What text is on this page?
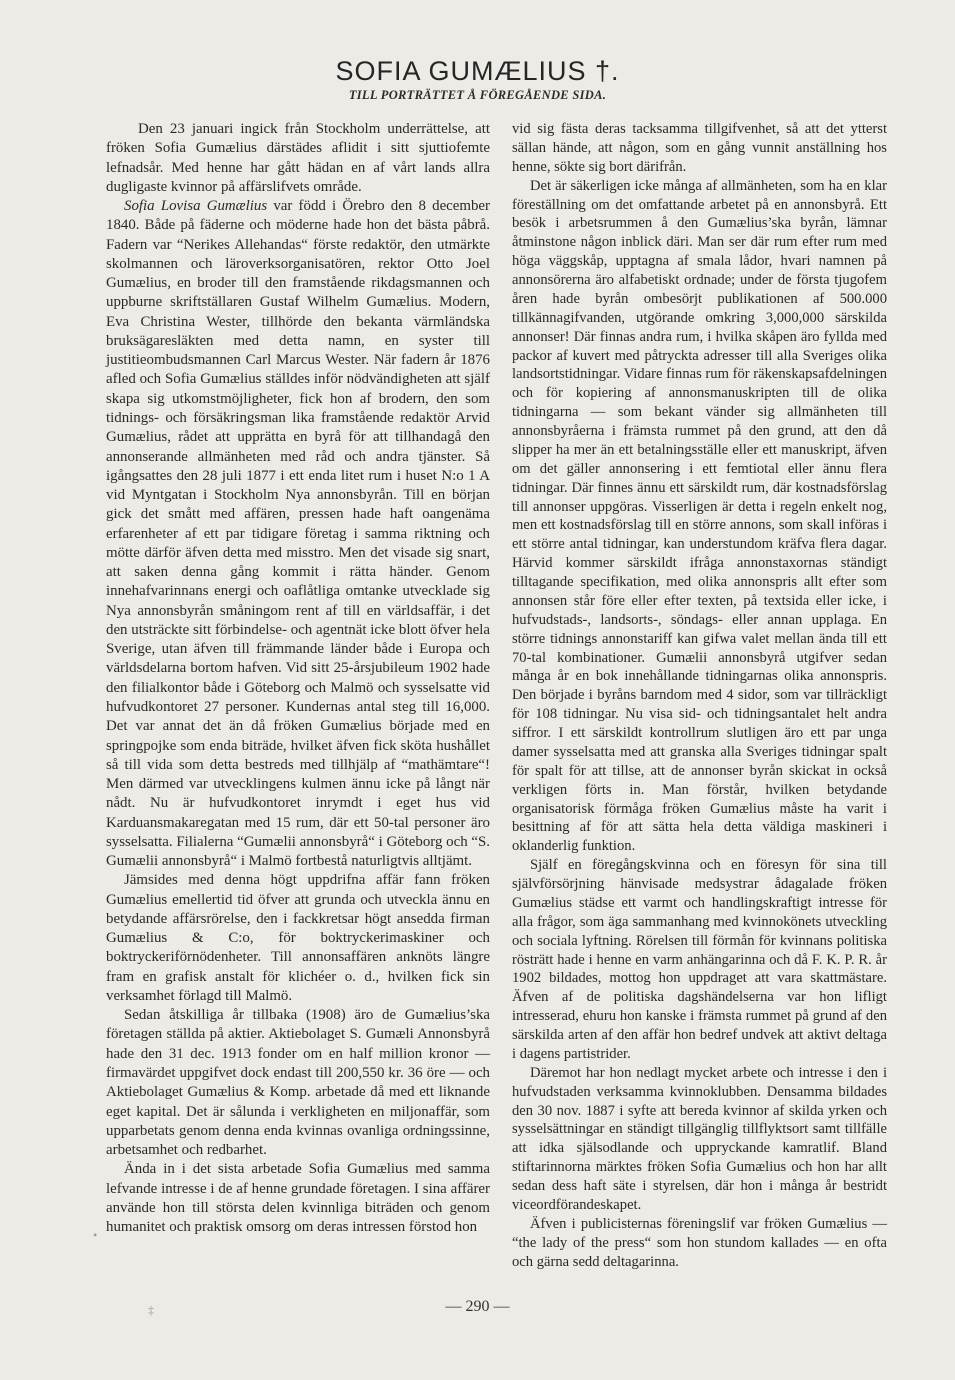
SOFIA GUMÆLIUS †.
TILL PORTRÄTTET Å FÖREGÅENDE SIDA.

Den 23 januari ingick från Stockholm underrättelse, att fröken Sofia Gumælius därstädes aflidit i sitt sjuttiofemte lefnadsår. Med henne har gått hädan en af vårt lands allra dugligaste kvinnor på affärslifvets område.

Sofia Lovisa Gumælius var född i Örebro den 8 december 1840. Både på fäderne och möderne hade hon det bästa påbrå. Fadern var “Nerikes Allehandas“ förste redaktör, den utmärkte skolmannen och läroverksorganisatören, rektor Otto Joel Gumælius, en broder till den framstående rikdagsmannen och uppburne skriftställaren Gustaf Wilhelm Gumælius. Modern, Eva Christina Wester, tillhörde den bekanta värmländska bruksägaresläkten med detta namn, en syster till justitieombudsmannen Carl Marcus Wester. När fadern år 1876 afled och Sofia Gumælius ställdes inför nödvändigheten att själf skapa sig utkomstmöjligheter, fick hon af brodern, den som tidnings- och försäkringsman lika framstående redaktör Arvid Gumælius, rådet att upprätta en byrå för att tillhandagå den annonserande allmänheten med råd och andra tjänster. Så igångsattes den 28 juli 1877 i ett enda litet rum i huset N:o 1 A vid Myntgatan i Stockholm Nya annonsbyrån. Till en början gick det smått med affären, pressen hade haft oangenäma erfarenheter af ett par tidigare företag i samma riktning och mötte därför äfven detta med misstro. Men det visade sig snart, att saken denna gång kommit i rätta händer. Genom innehafvarinnans energi och oaflåtliga omtanke utvecklade sig Nya annonsbyrån småningom rent af till en världsaffär, i det den utsträckte sitt förbindelse- och agentnät icke blott öfver hela Sverige, utan äfven till främmande länder både i Europa och världsdelarna bortom hafven. Vid sitt 25-årsjubileum 1902 hade den filialkontor både i Göteborg och Malmö och sysselsatte vid hufvudkontoret 27 personer. Kundernas antal steg till 16,000. Det var annat det än då fröken Gumælius började med en springpojke som enda biträde, hvilket äfven fick sköta hushållet så till vida som detta bestreds med tillhjälp af “mathämtare“! Men därmed var utvecklingens kulmen ännu icke på långt när nådt. Nu är hufvudkontoret inrymdt i eget hus vid Karduansmakaregatan med 15 rum, där ett 50-tal personer äro sysselsatta. Filialerna “Gumælii annonsbyrå“ i Göteborg och “S. Gumælii annonsbyrå“ i Malmö fortbestå naturligtvis alltjämt.

Jämsides med denna högt uppdrifna affär fann fröken Gumælius emellertid tid öfver att grunda och utveckla ännu en betydande affärsrörelse, den i fackkretsar högt ansedda firman Gumælius & C:o, för boktryckerimaskiner och boktryckeriförnödenheter. Till annonsaffären anknöts längre fram en grafisk anstalt för klichéer o. d., hvilken fick sin verksamhet förlagd till Malmö.

Sedan åtskilliga år tillbaka (1908) äro de Gumælius’ska företagen ställda på aktier. Aktiebolaget S. Gumæli Annonsbyrå hade den 31 dec. 1913 fonder om en half million kronor — firmavärdet uppgifvet dock endast till 200,550 kr. 36 öre — och Aktiebolaget Gumælius & Komp. arbetade då med ett liknande eget kapital. Det är sålunda i verkligheten en miljonaffär, som upparbetats genom denna enda kvinnas ovanliga ordningssinne, arbetsamhet och redbarhet.

Ända in i det sista arbetade Sofia Gumælius med samma lefvande intresse i de af henne grundade företagen. I sina affärer använde hon till största delen kvinnliga biträden och genom humanitet och praktisk omsorg om deras intressen förstod hon

vid sig fästa deras tacksamma tillgifvenhet, så att det ytterst sällan hände, att någon, som en gång vunnit anställning hos henne, sökte sig bort därifrån.

Det är säkerligen icke många af allmänheten, som ha en klar föreställning om det omfattande arbetet på en annonsbyrå. Ett besök i arbetsrummen å den Gumælius’ska byrån, lämnar åtminstone någon inblick däri. Man ser där rum efter rum med höga väggskåp, upptagna af smala lådor, hvari namnen på annonsörerna äro alfabetiskt ordnade; under de första tjugofem åren hade byrån ombesörjt publikationen af 500.000 tillkännagifvanden, utgörande omkring 3,000,000 särskilda annonser! Där finnas andra rum, i hvilka skåpen äro fyllda med packor af kuvert med påtryckta adresser till alla Sveriges olika landsortstidningar. Vidare finnas rum för räkenskapsafdelningen och för kopiering af annonsmanuskripten till de olika tidningarna — som bekant vänder sig allmänheten till annonsbyråerna i främsta rummet på den grund, att den då slipper ha mer än ett betalningsställe eller ett manuskript, äfven om det gäller annonsering i ett femtiotal eller ännu flera tidningar. Där finnes ännu ett särskildt rum, där kostnadsförslag till annonser uppgöras. Visserligen är detta i regeln enkelt nog, men ett kostnadsförslag till en större annons, som skall införas i ett större antal tidningar, kan understundom kräfva flera dagar. Härvid kommer särskildt ifråga annonstaxornas ständigt tilltagande specifikation, med olika annonspris allt efter som annonsen står före eller efter texten, på textsida eller icke, i hufvudstads-, landsorts-, söndags- eller annan upplaga. En större tidnings annonstariff kan gifwa valet mellan ända till ett 70-tal kombinationer. Gumælii annonsbyrå utgifver sedan många år en bok innehållande tidningarnas olika annonspris. Den började i byråns barndom med 4 sidor, som var tillräckligt för 108 tidningar. Nu visa sid- och tidningsantalet helt andra siffror. I ett särskildt kontrollrum slutligen äro ett par unga damer sysselsatta med att granska alla Sveriges tidningar spalt för spalt för att tillse, att de annonser byrån skickat in också verkligen förts in. Man förstår, hvilken betydande organisatorisk förmåga fröken Gumælius måste ha varit i besittning af för att sätta hela detta väldiga maskineri i oklanderlig funktion.

Själf en föregångskvinna och en föresyn för sina till självförsörjning hänvisade medsystrar ådagalade fröken Gumælius städse ett varmt och handlingskraftigt intresse för alla frågor, som äga sammanhang med kvinnokönets utveckling och sociala lyftning. Rörelsen till förmån för kvinnans politiska rösträtt hade i henne en varm anhängarinna och då F. K. P. R. år 1902 bildades, mottog hon uppdraget att vara skattmästare. Äfven af de politiska dagshändelserna var hon lifligt intresserad, ehuru hon kanske i främsta rummet på grund af den särskilda arten af den affär hon bedref undvek att aktivt deltaga i dagens partistrider.

Däremot har hon nedlagt mycket arbete och intresse i den i hufvudstaden verksamma kvinnoklubben. Densamma bildades den 30 nov. 1887 i syfte att bereda kvinnor af skilda yrken och sysselsättningar en ständigt tillgänglig tillflyktsort samt tillfälle att idka själsodlande och uppryckande kamratlif. Bland stiftarinnorna märktes fröken Sofia Gumælius och hon har allt sedan dess haft säte i styrelsen, där hon i många år bestridt viceordförandeskapet.

Äfven i publicisternas föreningslif var fröken Gumælius — “the lady of the press“ som hon stundom kallades — en ofta och gärna sedd deltagarinna.

— 290 —
•
‡
